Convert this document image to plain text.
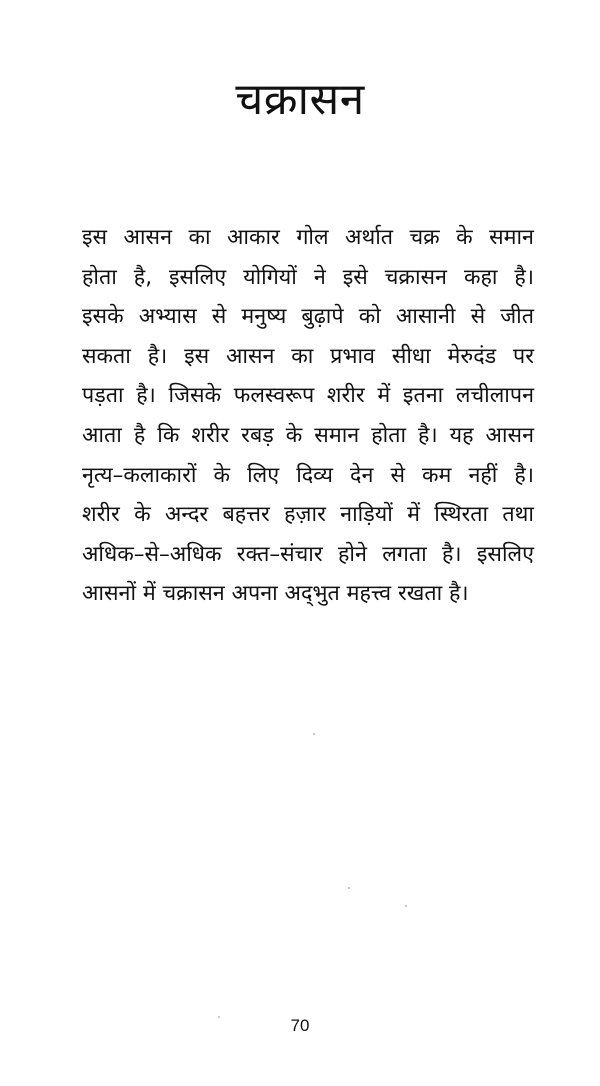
चक्रासन
इस आसन का आकार गोल अर्थात चक्र के समान
होता है, इसलिए योगियों ने इसे चक्रासन कहा है।
इसके अभ्यास से मनुष्य बुढ़ापे को आसानी से जीत
सकता है। इस आसन का प्रभाव सीधा मेरुदंड पर
पड़ता है। जिसके फलस्वरूप शरीर में इतना लचीलापन
आता है कि शरीर रबड़ के समान होता है। यह आसन
नृत्य–कलाकारों के लिए दिव्य देन से कम नहीं है।
शरीर के अन्दर बहत्तर हज़ार नाड़ियों में स्थिरता तथा
अधिक–से–अधिक रक्त–संचार होने लगता है। इसलिए
आसनों में चक्रासन अपना अद्‌भुत महत्त्व रखता है।
70
